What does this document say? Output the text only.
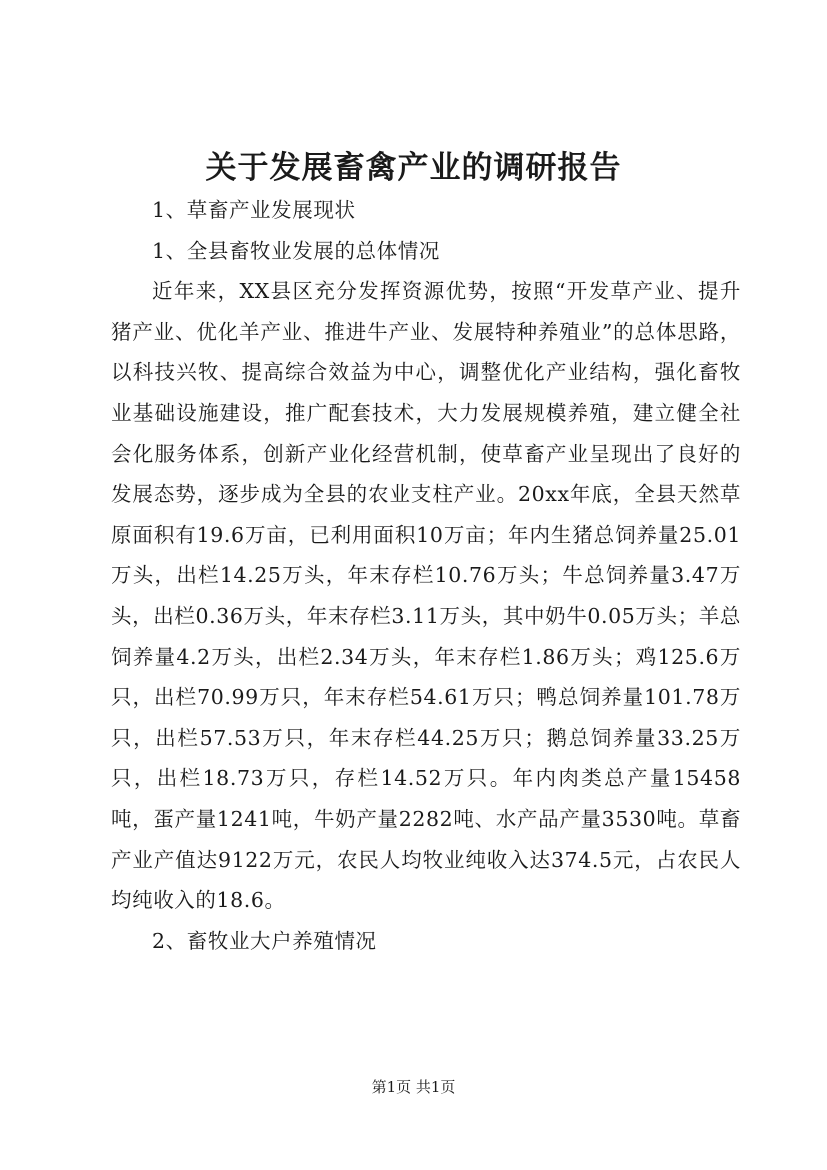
关于发展畜禽产业的调研报告

1、草畜产业发展现状

1、全县畜牧业发展的总体情况

近年来，XX县区充分发挥资源优势，按照“开发草产业、提升猪产业、优化羊产业、推进牛产业、发展特种养殖业”的总体思路，以科技兴牧、提高综合效益为中心，调整优化产业结构，强化畜牧业基础设施建设，推广配套技术，大力发展规模养殖，建立健全社会化服务体系，创新产业化经营机制，使草畜产业呈现出了良好的发展态势，逐步成为全县的农业支柱产业。20xx年底，全县天然草原面积有19.6万亩，已利用面积10万亩；年内生猪总饲养量25.01万头，出栏14.25万头，年末存栏10.76万头；牛总饲养量3.47万头，出栏0.36万头，年末存栏3.11万头，其中奶牛0.05万头；羊总饲养量4.2万头，出栏2.34万头，年末存栏1.86万头；鸡125.6万只，出栏70.99万只，年末存栏54.61万只；鸭总饲养量101.78万只，出栏57.53万只，年末存栏44.25万只；鹅总饲养量33.25万只，出栏18.73万只，存栏14.52万只。年内肉类总产量15458吨，蛋产量1241吨，牛奶产量2282吨、水产品产量3530吨。草畜产业产值达9122万元，农民人均牧业纯收入达374.5元，占农民人均纯收入的18.6。

2、畜牧业大户养殖情况

第1页 共1页
